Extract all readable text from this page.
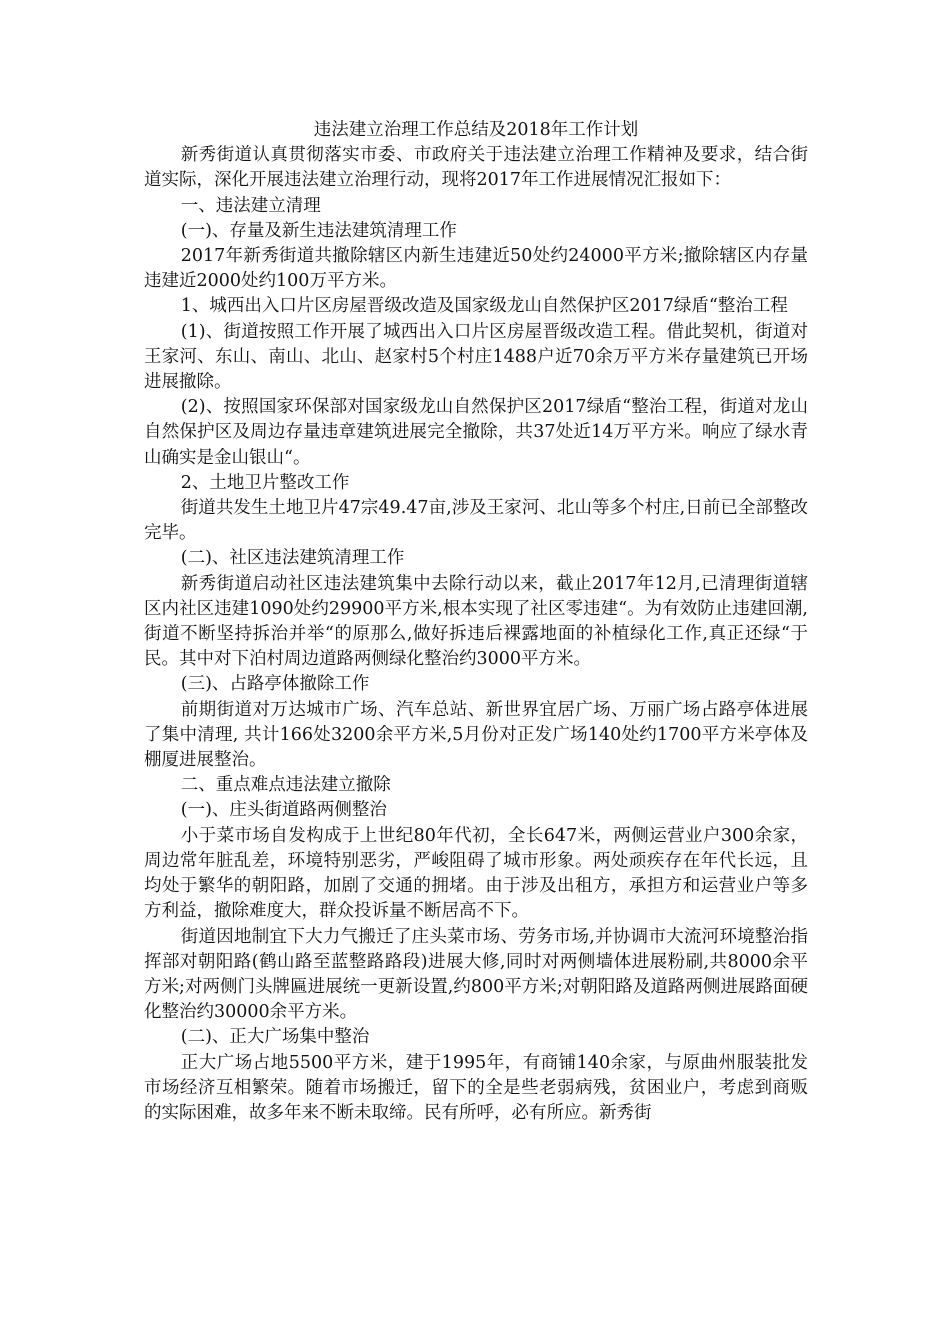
违法建立治理工作总结及2018年工作计划

新秀街道认真贯彻落实市委、市政府关于违法建立治理工作精神及要求，结合街道实际，深化开展违法建立治理行动，现将2017年工作进展情况汇报如下：

一、违法建立清理

(一)、存量及新生违法建筑清理工作

2017年新秀街道共撤除辖区内新生违建近50处约24000平方米;撤除辖区内存量违建近2000处约100万平方米。

1、城西出入口片区房屋晋级改造及国家级龙山自然保护区2017绿盾“整治工程

(1)、街道按照工作开展了城西出入口片区房屋晋级改造工程。借此契机，街道对王家河、东山、南山、北山、赵家村5个村庄1488户近70余万平方米存量建筑已开场进展撤除。

(2)、按照国家环保部对国家级龙山自然保护区2017绿盾“整治工程，街道对龙山自然保护区及周边存量违章建筑进展完全撤除，共37处近14万平方米。响应了绿水青山确实是金山银山“。

2、土地卫片整改工作

街道共发生土地卫片47宗49.47亩,涉及王家河、北山等多个村庄,日前已全部整改完毕。

(二)、社区违法建筑清理工作

新秀街道启动社区违法建筑集中去除行动以来，截止2017年12月,已清理街道辖区内社区违建1090处约29900平方米,根本实现了社区零违建“。为有效防止违建回潮,街道不断坚持拆治并举“的原那么,做好拆违后裸露地面的补植绿化工作,真正还绿“于民。其中对下泊村周边道路两侧绿化整治约3000平方米。

(三)、占路亭体撤除工作

前期街道对万达城市广场、汽车总站、新世界宜居广场、万丽广场占路亭体进展了集中清理, 共计166处3200余平方米,5月份对正发广场140处约1700平方米亭体及棚厦进展整治。

二、重点难点违法建立撤除

(一)、庄头街道路两侧整治

小于菜市场自发构成于上世纪80年代初，全长647米，两侧运营业户300余家，周边常年脏乱差，环境特别恶劣，严峻阻碍了城市形象。两处顽疾存在年代长远，且均处于繁华的朝阳路，加剧了交通的拥堵。由于涉及出租方，承担方和运营业户等多方利益，撤除难度大，群众投诉量不断居高不下。

街道因地制宜下大力气搬迁了庄头菜市场、劳务市场,并协调市大流河环境整治指挥部对朝阳路(鹤山路至蓝整路路段)进展大修,同时对两侧墙体进展粉刷,共8000余平方米;对两侧门头牌匾进展统一更新设置,约800平方米;对朝阳路及道路两侧进展路面硬化整治约30000余平方米。

(二)、正大广场集中整治

正大广场占地5500平方米，建于1995年，有商铺140余家，与原曲州服装批发市场经济互相繁荣。随着市场搬迁，留下的全是些老弱病残，贫困业户，考虑到商贩的实际困难，故多年来不断未取缔。民有所呼，必有所应。新秀街
